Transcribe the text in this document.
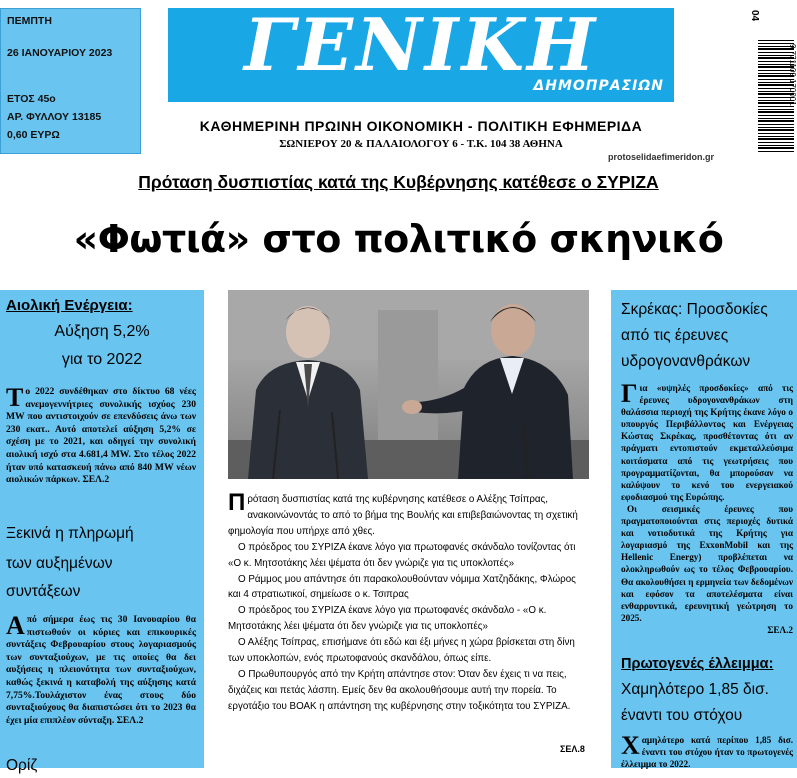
ΠΕΜΠΤΗ
26 ΙΑΝΟΥΑΡΙΟΥ 2023
ΕΤΟΣ 45ο
ΑΡ. ΦΥΛΛΟΥ 13185
0,60 ΕΥΡΩ
ΓΕΝΙΚΗ
ΔΗΜΟΠΡΑΣΙΩΝ
ΚΑΘΗΜΕΡΙΝΗ ΠΡΩΙΝΗ ΟΙΚΟΝΟΜΙΚΗ - ΠΟΛΙΤΙΚΗ ΕΦΗΜΕΡΙΔΑ
ΣΩΝΙΕΡΟΥ 20 & ΠΑΛΑΙΟΛΟΓΟΥ 6 - Τ.Κ. 104 38 ΑΘΗΝΑ
protoselidaefimeridon.gr
04
9 771109 170001
Πρόταση δυσπιστίας κατά της Κυβέρνησης κατέθεσε ο ΣΥΡΙΖΑ
«Φωτιά» στο πολιτικό σκηνικό
Αιολική Ενέργεια:
Αύξηση 5,2%
για το 2022
Το 2022 συνδέθηκαν στο δίκτυο 68 νέες ανεμογεννήτριες συνολικής ισχύος 230 MW που αντιστοιχούν σε επενδύσεις άνω των 230 εκατ.. Αυτό αποτελεί αύξηση 5,2% σε σχέση με το 2021, και οδηγεί την συνολική αιολική ισχύ στα 4.681,4 MW. Στο τέλος 2022 ήταν υπό κατασκευή πάνω από 840 MW νέων αιολικών πάρκων. ΣΕΛ.2
Ξεκινά η πληρωμή
των αυξημένων
συντάξεων
Από σήμερα έως τις 30 Ιανουαρίου θα πιστωθούν οι κύριες και επικουρικές συντάξεις Φεβρουαρίου στους λογαριασμούς των συνταξιούχων, με τις οποίες θα δει αυξήσεις η πλειονότητα των συνταξιούχων, καθώς ξεκινά η καταβολή της αύξησης κατά 7,75%.Τουλάχιστον ένας στους δύο συνταξιούχους θα διαπιστώσει ότι το 2023 θα έχει μία επιπλέον σύνταξη. ΣΕΛ.2
Ορίζ

Πρόταση δυσπιστίας κατά της κυβέρνησης κατέθεσε ο Αλέξης Τσίπρας, ανακοινώνοντάς το από το βήμα της Βουλής και επιβεβαιώνοντας τη σχετική φημολογία που υπήρχε από χθες.

Ο πρόεδρος του ΣΥΡΙΖΑ έκανε λόγο για πρωτοφανές σκάνδαλο τονίζοντας ότι «Ο κ. Μητσοτάκης λέει ψέματα ότι δεν γνώριζε για τις υποκλοπές»

Ο Ράμμος μου απάντησε ότι παρακολουθούνταν νόμιμα Χατζηδάκης, Φλώρος και 4 στρατιωτικοί, σημείωσε ο κ. Τσιπρας

Ο πρόεδρος του ΣΥΡΙΖΑ έκανε λόγο για πρωτοφανές σκάνδαλο - «Ο κ. Μητσοτάκης λέει ψέματα ότι δεν γνώριζε για τις υποκλοπές»

Ο Αλέξης Τσίπρας, επισήμανε ότι εδώ και έξι μήνες η χώρα βρίσκεται στη δίνη των υποκλοπών, ενός πρωτοφανούς σκανδάλου, όπως είπε.

Ο Πρωθυπουργός από την Κρήτη απάντησε στον: Όταν δεν έχεις τι να πεις, διχάζεις και πετάς λάσπη. Εμείς δεν θα ακολουθήσουμε αυτή την πορεία. Το εργοτάξιο του ΒΟΑΚ η απάντηση της κυβέρνησης στην τοξικότητα του ΣΥΡΙΖΑ.

ΣΕΛ.8
Σκρέκας: Προσδοκίες
από τις έρευνες
υδρογονανθράκων
Για «υψηλές προσδοκίες» από τις έρευνες υδρογονανθράκων στη θαλάσσια περιοχή της Κρήτης έκανε λόγο ο υπουργός Περιβάλλοντος και Ενέργειας Κώστας Σκρέκας, προσθέτοντας ότι αν πράγματι εντοπιστούν εκμεταλλεύσιμα κοιτάσματα από τις γεωτρήσεις που προγραμματίζονται, θα μπορούσαν να καλύψουν το κενό του ενεργειακού εφοδιασμού της Ευρώπης.
Οι σεισμικές έρευνες που πραγματοποιούνται στις περιοχές δυτικά και νοτιοδυτικά της Κρήτης για λογαριασμό της ExxonMobil και της Hellenic Energy) προβλέπεται να ολοκληρωθούν ως το τέλος Φεβρουαρίου. Θα ακολουθήσει η ερμηνεία των δεδομένων και εφόσον τα αποτελέσματα είναι ενθαρρυντικά, ερευνητική γεώτρηση το 2025.
ΣΕΛ.2
Πρωτογενές έλλειμμα:
Χαμηλότερο 1,85 δισ.
έναντι του στόχου
Χαμηλότερο κατά περίπου 1,85 δισ. έναντι του στόχου ήταν το πρωτογενές έλλειμμα το 2022.
